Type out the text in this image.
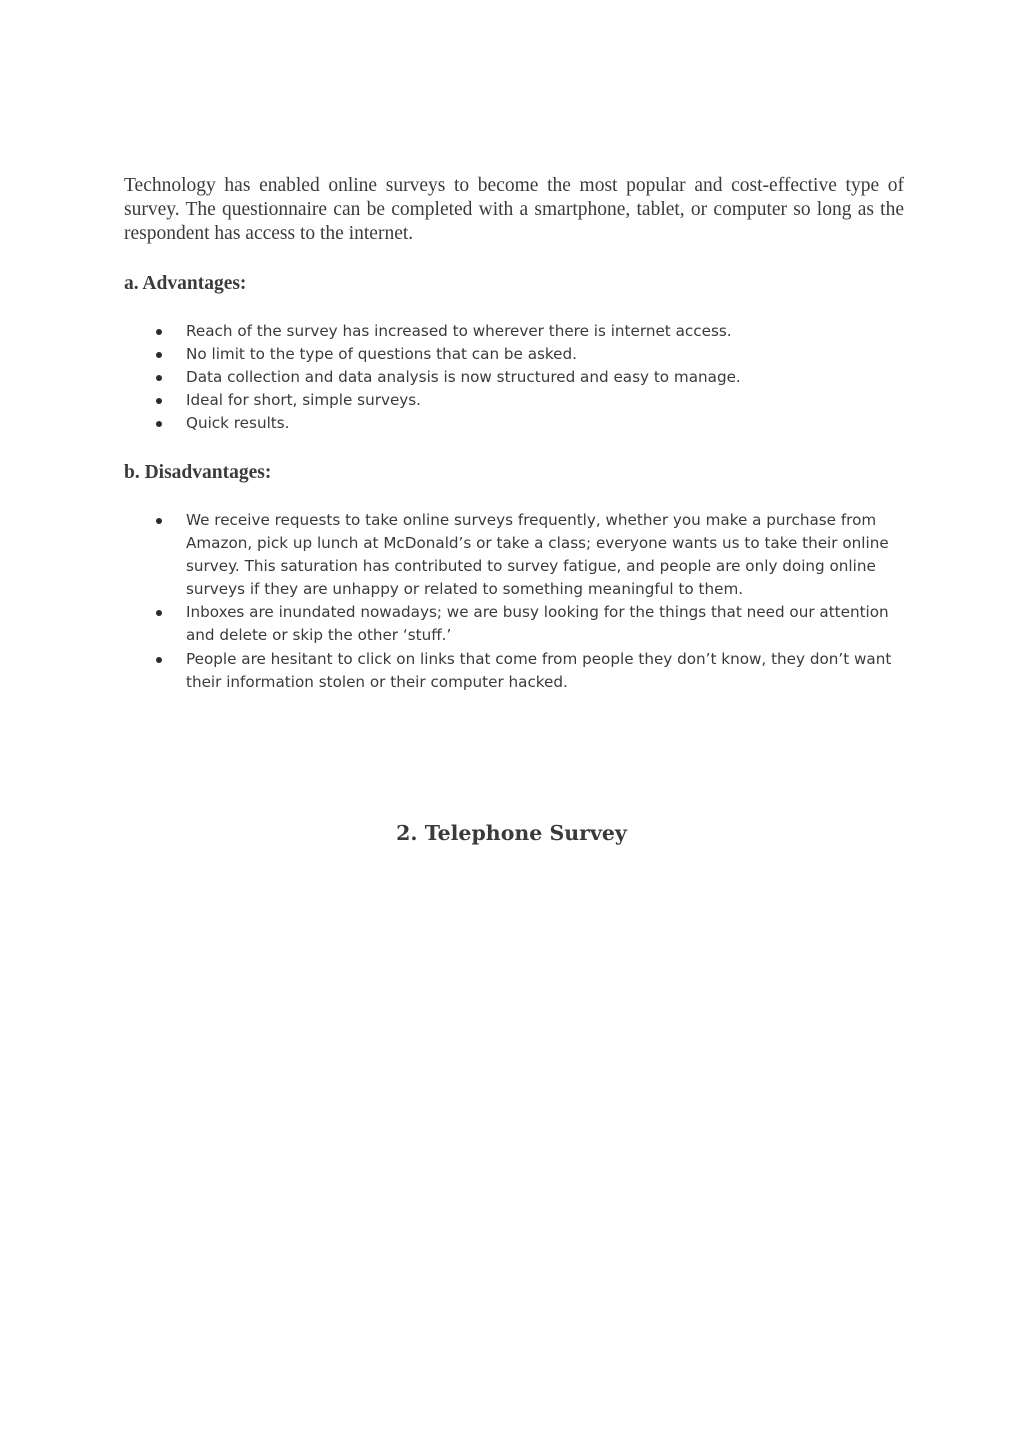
Technology has enabled online surveys to become the most popular and cost-effective type of survey. The questionnaire can be completed with a smartphone, tablet, or computer so long as the respondent has access to the internet.

a. Advantages:
Reach of the survey has increased to wherever there is internet access.
No limit to the type of questions that can be asked.
Data collection and data analysis is now structured and easy to manage.
Ideal for short, simple surveys.
Quick results.
b. Disadvantages:
We receive requests to take online surveys frequently, whether you make a purchase from Amazon, pick up lunch at McDonald’s or take a class; everyone wants us to take their online survey. This saturation has contributed to survey fatigue, and people are only doing online surveys if they are unhappy or related to something meaningful to them.
Inboxes are inundated nowadays; we are busy looking for the things that need our attention and delete or skip the other ‘stuff.’
People are hesitant to click on links that come from people they don’t know, they don’t want their information stolen or their computer hacked.
2. Telephone Survey
